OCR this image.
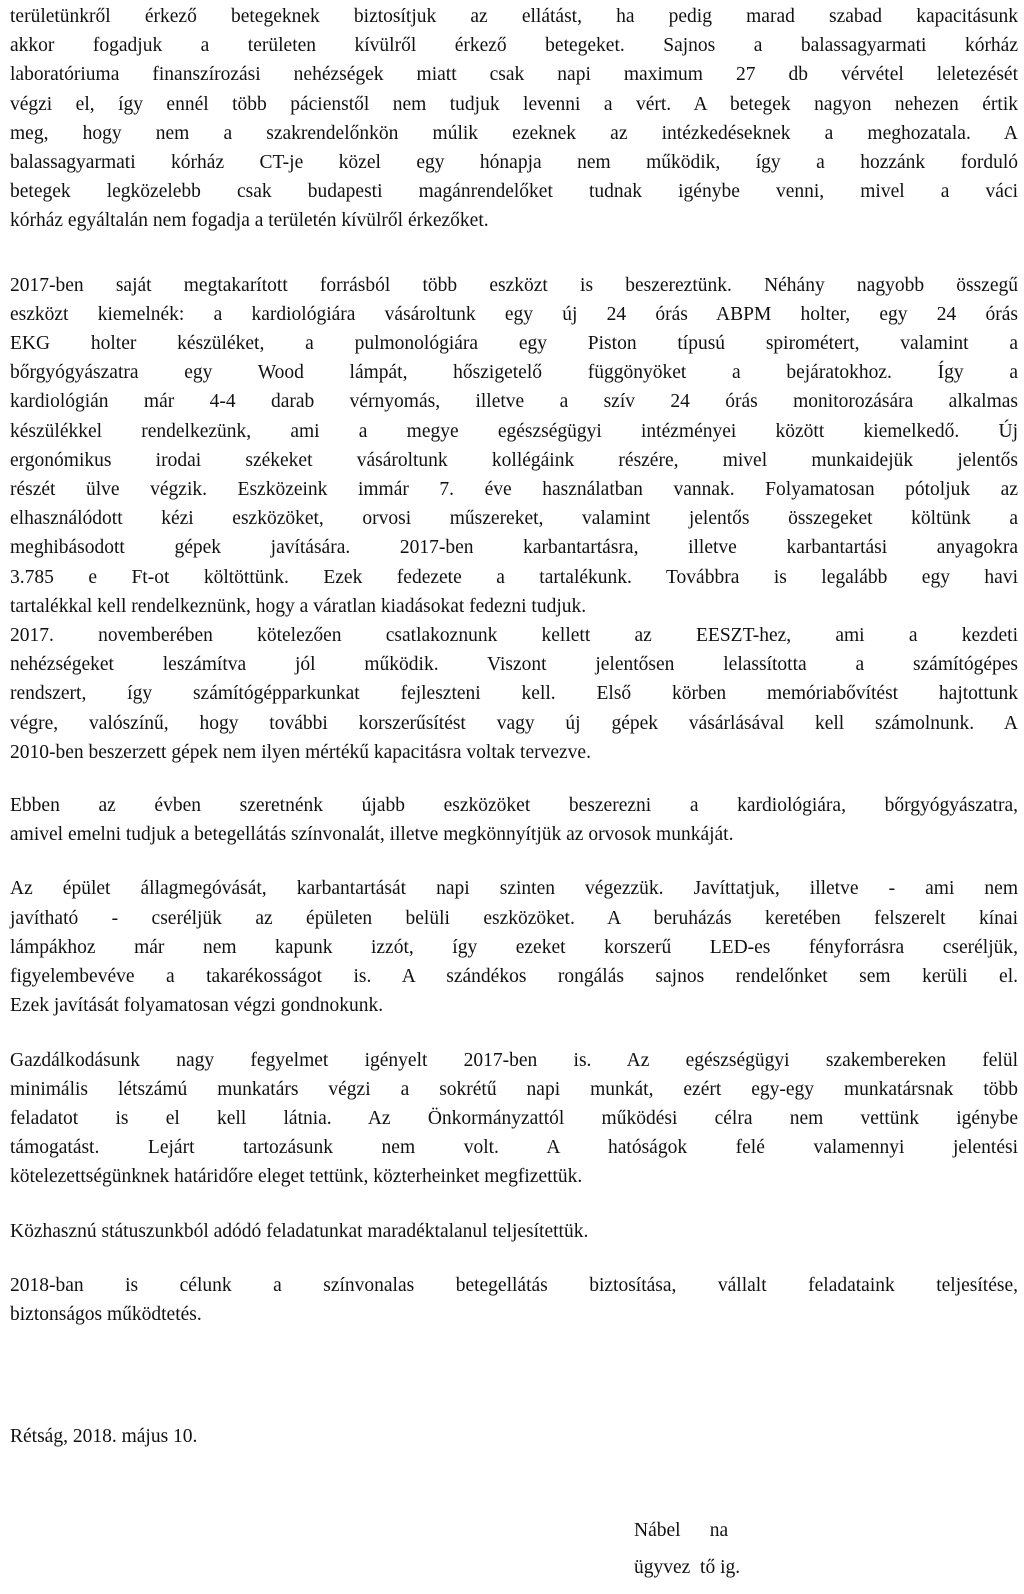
területünkről érkező betegeknek biztosítjuk az ellátást, ha pedig marad szabad kapacitásunk
akkor fogadjuk a területen kívülről érkező betegeket. Sajnos a balassagyarmati kórház
laboratóriuma finanszírozási nehézségek miatt csak napi maximum 27 db vérvétel leletezését
végzi el, így ennél több pácienstől nem tudjuk levenni a vért. A betegek nagyon nehezen értik
meg, hogy nem a szakrendelőnkön múlik ezeknek az intézkedéseknek a meghozatala. A
balassagyarmati kórház CT-je közel egy hónapja nem működik, így a hozzánk forduló
betegek legközelebb csak budapesti magánrendelőket tudnak igénybe venni, mivel a váci
kórház egyáltalán nem fogadja a területén kívülről érkezőket.

2017-ben saját megtakarított forrásból több eszközt is beszereztünk. Néhány nagyobb összegű
eszközt kiemelnék: a kardiológiára vásároltunk egy új 24 órás ABPM holter, egy 24 órás
EKG holter készüléket, a pulmonológiára egy Piston típusú spirométert, valamint a
bőrgyógyászatra egy Wood lámpát, hőszigetelő függönyöket a bejáratokhoz. Így a
kardiológián már 4-4 darab vérnyomás, illetve a szív 24 órás monitorozására alkalmas
készülékkel rendelkezünk, ami a megye egészségügyi intézményei között kiemelkedő. Új
ergonómikus irodai székeket vásároltunk kollégáink részére, mivel munkaidejük jelentős
részét ülve végzik. Eszközeink immár 7. éve használatban vannak. Folyamatosan pótoljuk az
elhasználódott kézi eszközöket, orvosi műszereket, valamint jelentős összegeket költünk a
meghibásodott gépek javítására. 2017-ben karbantartásra, illetve karbantartási anyagokra
3.785 e Ft-ot költöttünk. Ezek fedezete a tartalékunk. Továbbra is legalább egy havi
tartalékkal kell rendelkeznünk, hogy a váratlan kiadásokat fedezni tudjuk.

2017. novemberében kötelezően csatlakoznunk kellett az EESZT-hez, ami a kezdeti
nehézségeket leszámítva jól működik. Viszont jelentősen lelassította a számítógépes
rendszert, így számítógépparkunkat fejleszteni kell. Első körben memóriabővítést hajtottunk
végre, valószínű, hogy további korszerűsítést vagy új gépek vásárlásával kell számolnunk. A
2010-ben beszerzett gépek nem ilyen mértékű kapacitásra voltak tervezve.

Ebben az évben szeretnénk újabb eszközöket beszerezni a kardiológiára, bőrgyógyászatra,
amivel emelni tudjuk a betegellátás színvonalát, illetve megkönnyítjük az orvosok munkáját.

Az épület állagmegóvását, karbantartását napi szinten végezzük. Javíttatjuk, illetve - ami nem
javítható - cseréljük az épületen belüli eszközöket. A beruházás keretében felszerelt kínai
lámpákhoz már nem kapunk izzót, így ezeket korszerű LED-es fényforrásra cseréljük,
figyelembevéve a takarékosságot is. A szándékos rongálás sajnos rendelőnket sem kerüli el.
Ezek javítását folyamatosan végzi gondnokunk.

Gazdálkodásunk nagy fegyelmet igényelt 2017-ben is. Az egészségügyi szakembereken felül
minimális létszámú munkatárs végzi a sokrétű napi munkát, ezért egy-egy munkatársnak több
feladatot is el kell látnia. Az Önkormányzattól működési célra nem vettünk igénybe
támogatást. Lejárt tartozásunk nem volt. A hatóságok felé valamennyi jelentési
kötelezettségünknek határidőre eleget tettünk, közterheinket megfizettük.

Közhasznú státuszunkból adódó feladatunkat maradéktalanul teljesítettük.

2018-ban is célunk a színvonalas betegellátás biztosítása, vállalt feladataink teljesítése,
biztonságos működtetés.

Rétság, 2018. május 10.
Nábel      na
ügyvez  tő ig.
